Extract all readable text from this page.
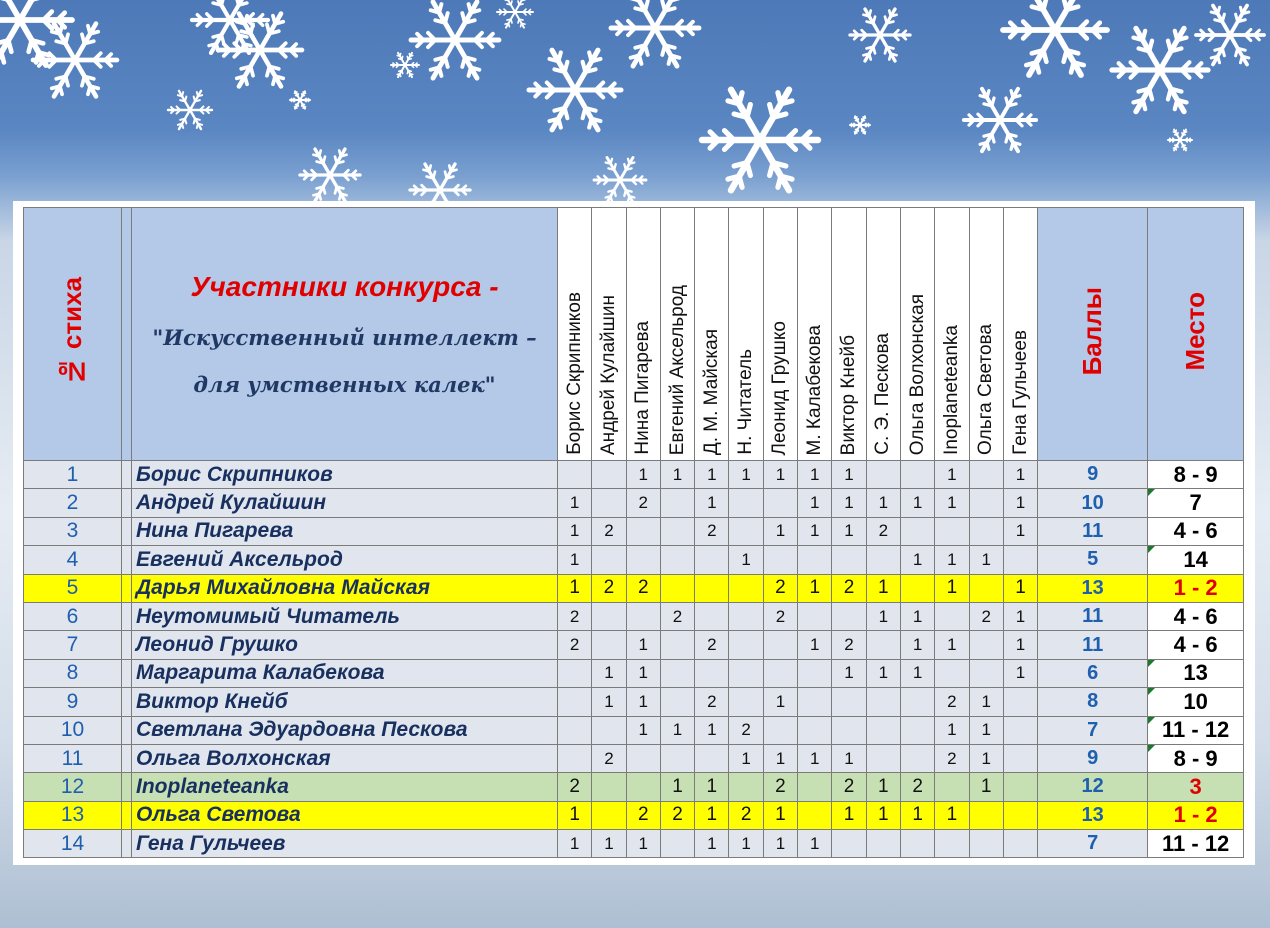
№ стиха		Участники конкурса -
"Искусственный интеллект –
для умственных калек"	Борис Скрипников	Андрей Кулайшин	Нина Пигарева	Евгений Аксельрод	Д. М. Майская	Н. Читатель	Леонид Грушко	М. Калабекова	Виктор Кнейб	С. Э. Пескова	Ольга Волхонская	Inoplaneteanka	Ольга Светова	Гена Гульчеев	Баллы	Место
1		Борис Скрипников			1	1	1	1	1	1	1			1		1	9	8 - 9
2		Андрей Кулайшин	1		2		1			1	1	1	1	1		1	10	7

3		Нина Пигарева	1	2			2		1	1	1	2				1	11	4 - 6
4		Евгений Аксельрод	1					1					1	1	1		5	14

5		Дарья Михайловна Майская	1	2	2				2	1	2	1		1		1	13	1 - 2
6		Неутомимый Читатель	2			2			2			1	1		2	1	11	4 - 6
7		Леонид Грушко	2		1		2			1	2		1	1		1	11	4 - 6
8		Маргарита Калабекова		1	1						1	1	1			1	6	13

9		Виктор Кнейб		1	1		2		1					2	1		8	10

10		Светлана Эдуардовна Пескова			1	1	1	2						1	1		7	11 - 12

11		Ольга Волхонская		2				1	1	1	1			2	1		9	8 - 9

12		Inoplaneteanka	2			1	1		2		2	1	2		1		12	3
13		Ольга Светова	1		2	2	1	2	1		1	1	1	1			13	1 - 2
14		Гена Гульчеев	1	1	1		1	1	1	1							7	11 - 12
